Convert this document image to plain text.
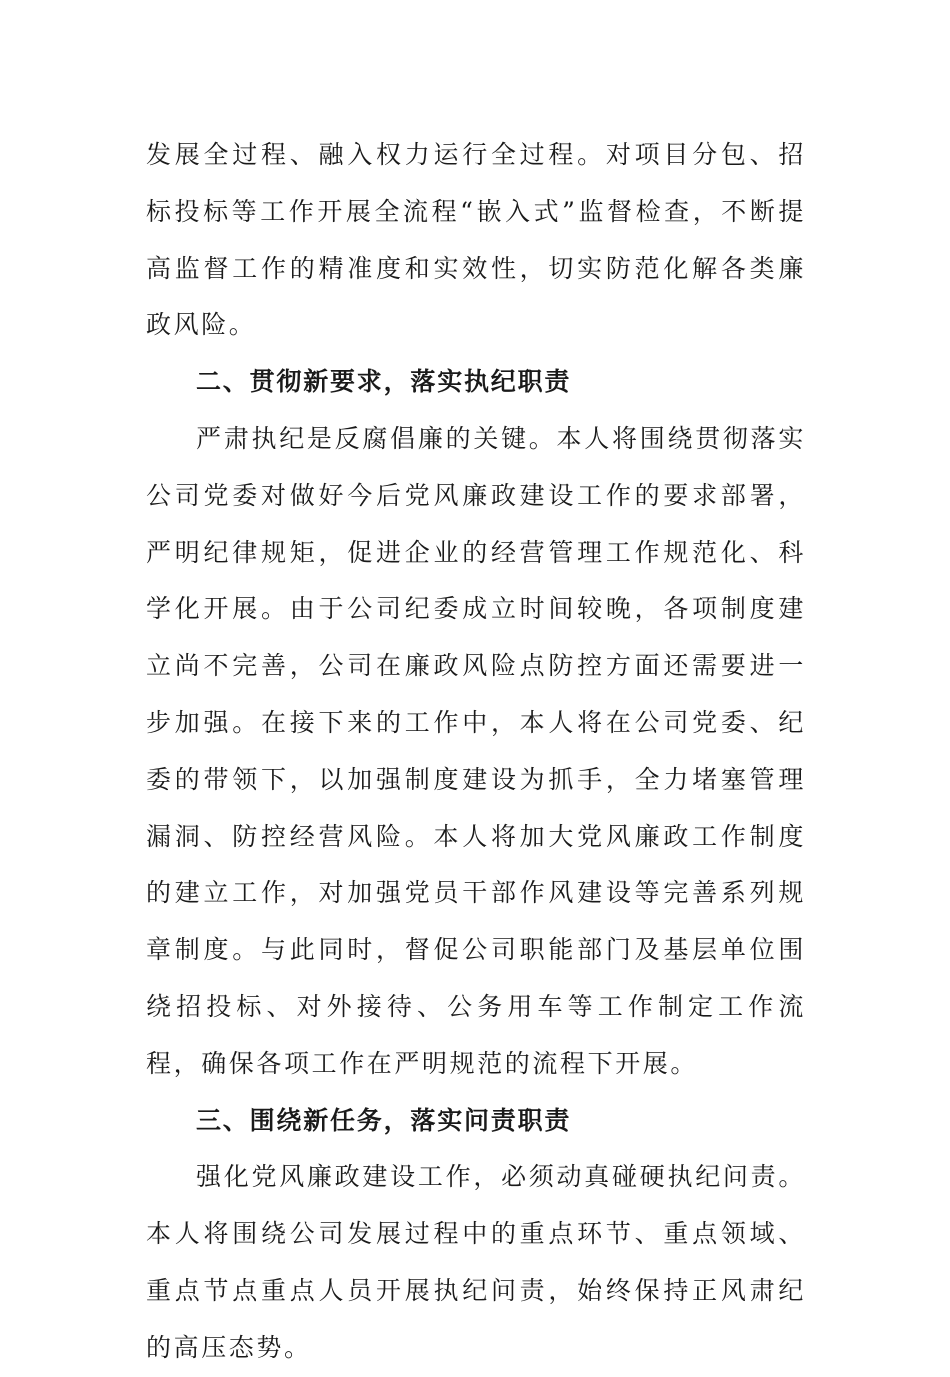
发展全过程、融入权力运行全过程。对项目分包、招标投标等工作开展全流程“嵌入式”监督检查，不断提高监督工作的精准度和实效性，切实防范化解各类廉政风险。

二、贯彻新要求，落实执纪职责

严肃执纪是反腐倡廉的关键。本人将围绕贯彻落实公司党委对做好今后党风廉政建设工作的要求部署，严明纪律规矩，促进企业的经营管理工作规范化、科学化开展。由于公司纪委成立时间较晚，各项制度建立尚不完善，公司在廉政风险点防控方面还需要进一步加强。在接下来的工作中，本人将在公司党委、纪委的带领下，以加强制度建设为抓手，全力堵塞管理漏洞、防控经营风险。本人将加大党风廉政工作制度的建立工作，对加强党员干部作风建设等完善系列规章制度。与此同时，督促公司职能部门及基层单位围绕招投标、对外接待、公务用车等工作制定工作流程，确保各项工作在严明规范的流程下开展。

三、围绕新任务，落实问责职责

强化党风廉政建设工作，必须动真碰硬执纪问责。本人将围绕公司发展过程中的重点环节、重点领域、重点节点重点人员开展执纪问责，始终保持正风肃纪的高压态势。
